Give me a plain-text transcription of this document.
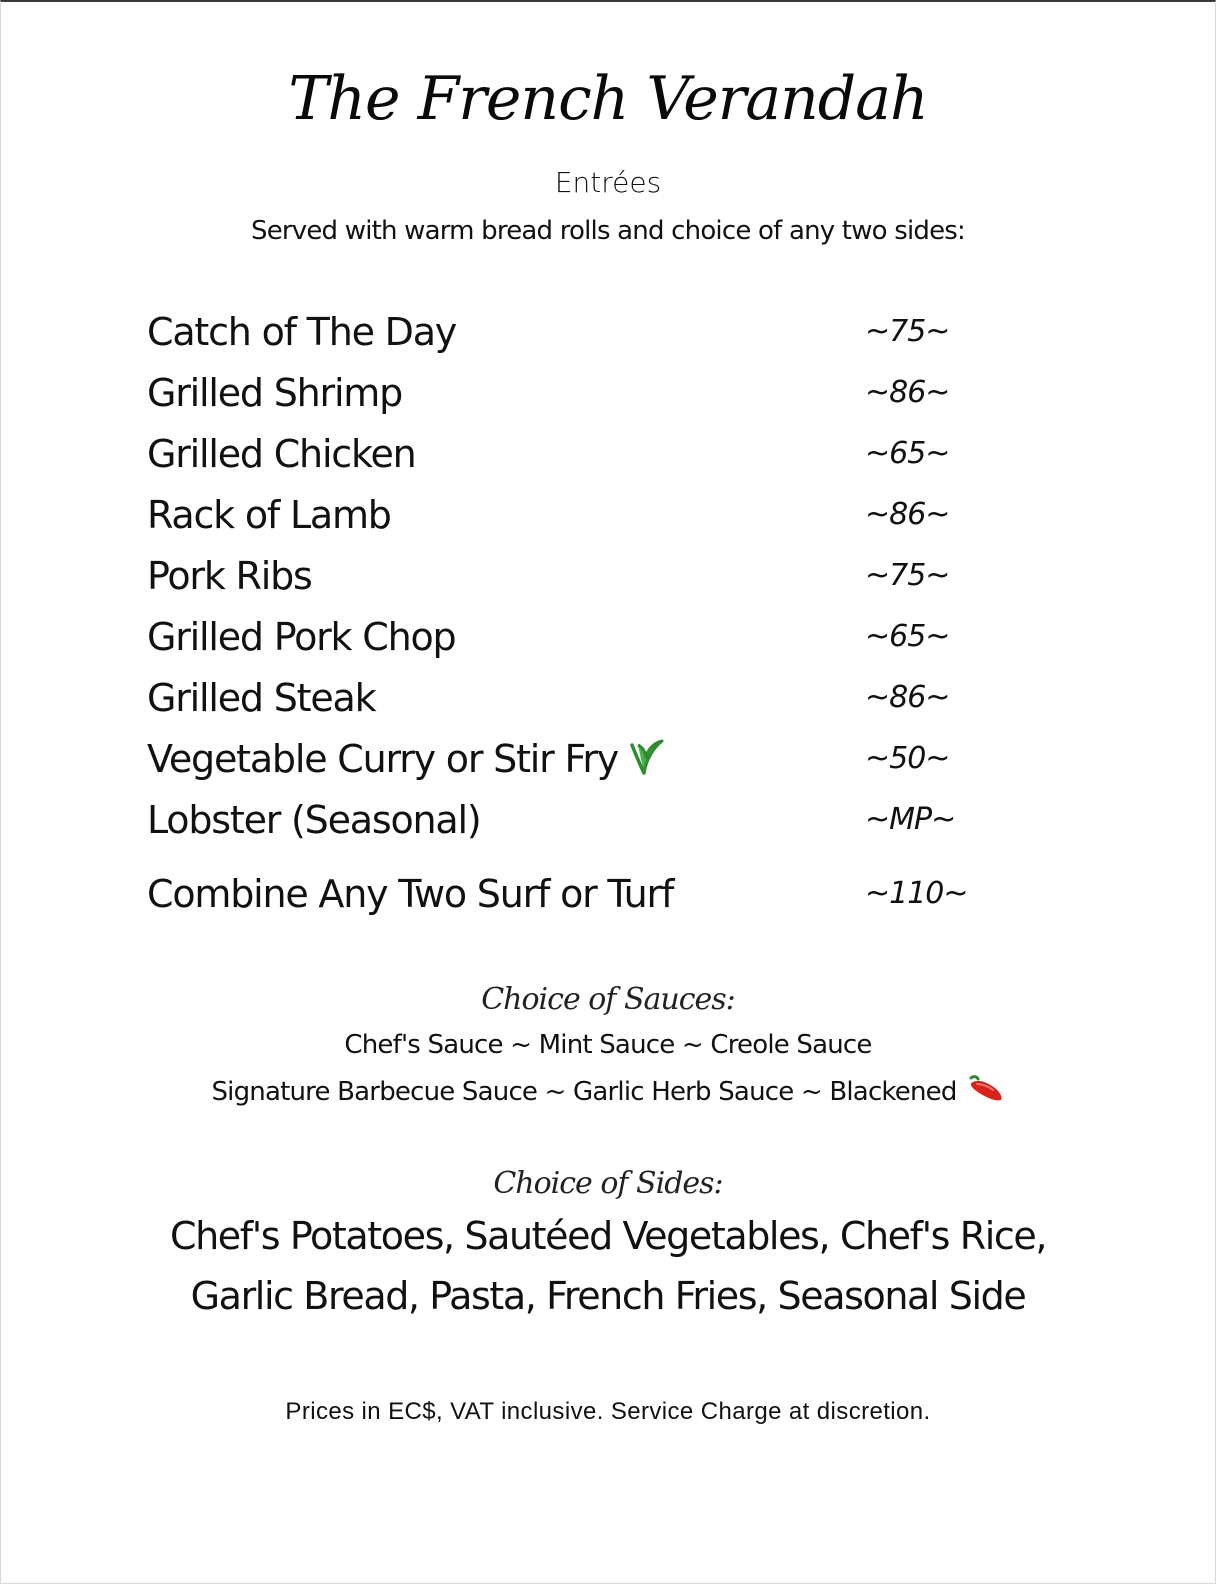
The French Verandah
Entrées
Served with warm bread rolls and choice of any two sides:
Catch of The Day	~75~
Grilled Shrimp	~86~
Grilled Chicken	~65~
Rack of Lamb	~86~
Pork Ribs	~75~
Grilled Pork Chop	~65~
Grilled Steak	~86~
Vegetable Curry or Stir Fry	~50~
Lobster (Seasonal)	~MP~
Combine Any Two Surf or Turf	~110~
Choice of Sauces:
Chef's Sauce ~ Mint Sauce ~ Creole Sauce
Signature Barbecue Sauce ~ Garlic Herb Sauce ~ Blackened
Choice of Sides:
Chef's Potatoes, Sautéed Vegetables, Chef's Rice,
Garlic Bread, Pasta, French Fries, Seasonal Side
Prices in EC$, VAT inclusive. Service Charge at discretion.
